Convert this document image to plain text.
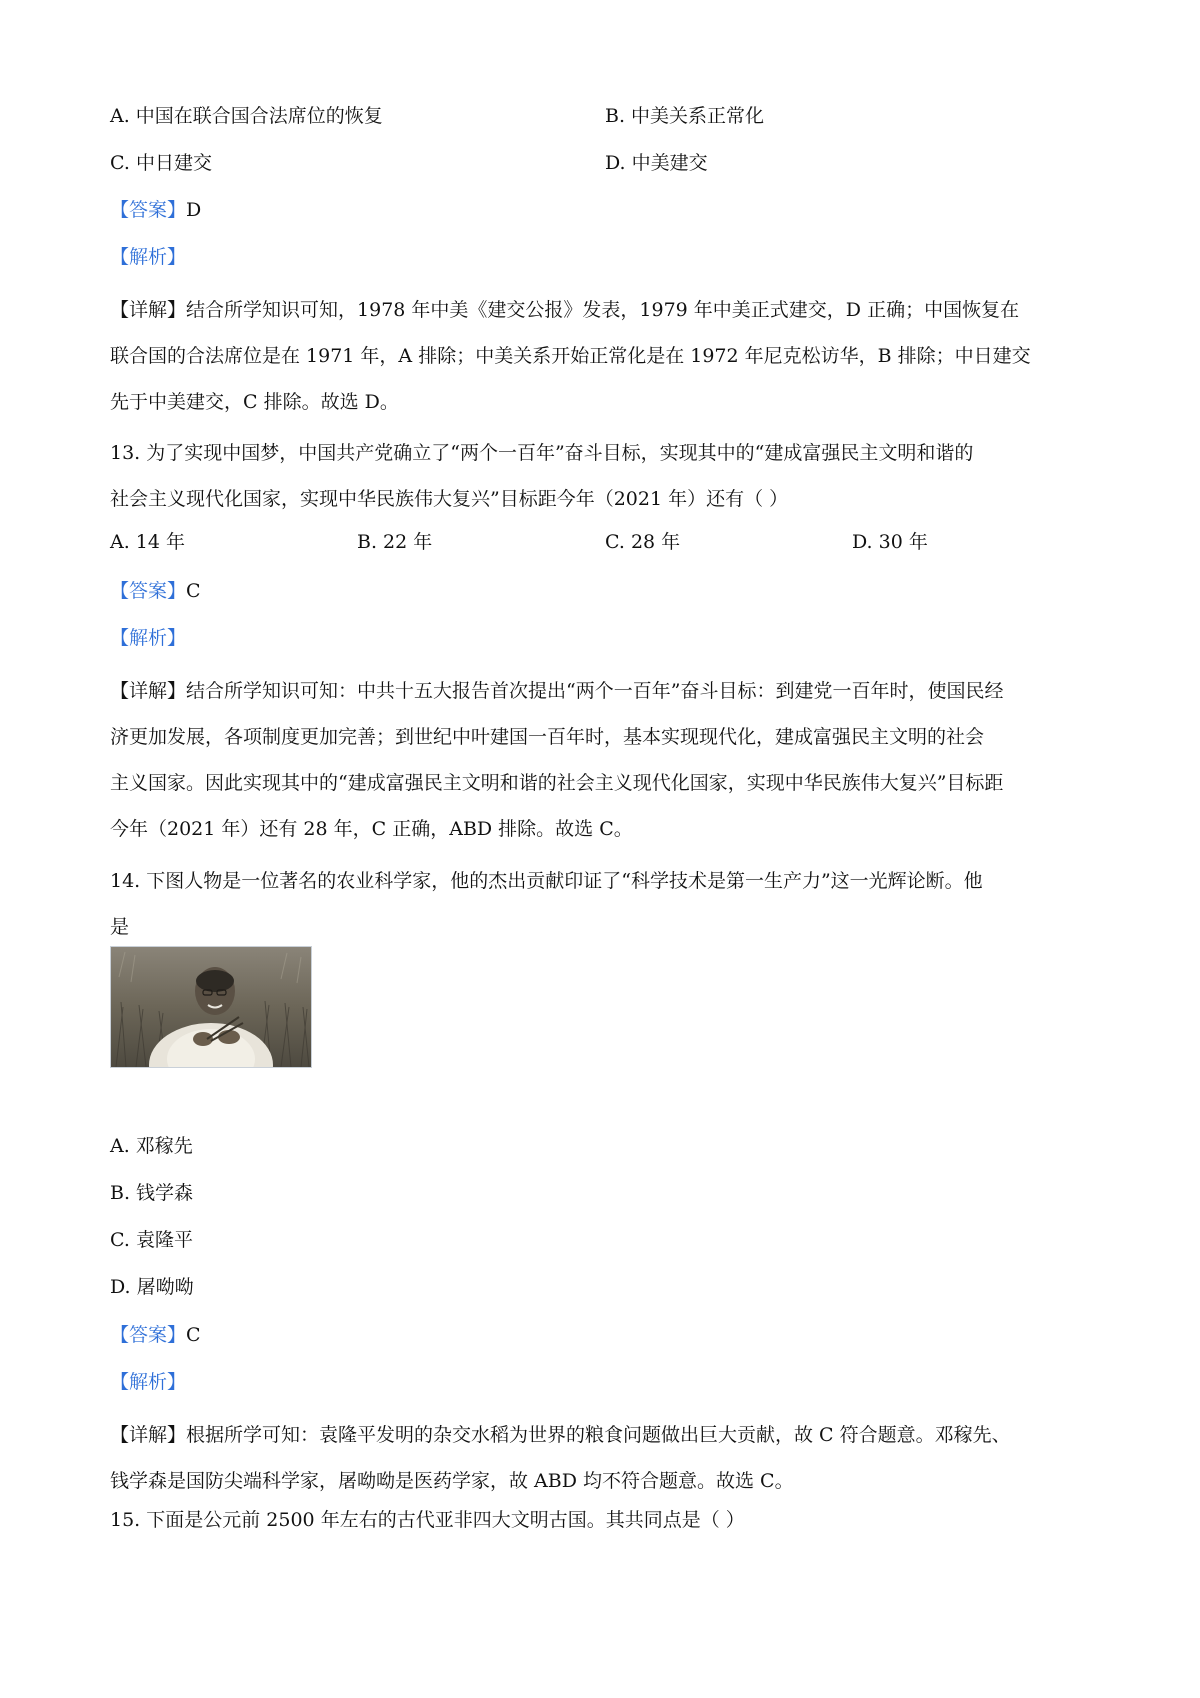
A. 中国在联合国合法席位的恢复	B. 中美关系正常化
C. 中日建交	D. 中美建交
【答案】D
【解析】

【详解】结合所学知识可知，1978 年中美《建交公报》发表，1979 年中美正式建交，D 正确；中国恢复在

联合国的合法席位是在 1971 年，A 排除；中美关系开始正常化是在 1972 年尼克松访华，B 排除；中日建交

先于中美建交，C 排除。故选 D。

13. 为了实现中国梦，中国共产党确立了“两个一百年”奋斗目标，实现其中的“建成富强民主文明和谐的

社会主义现代化国家，实现中华民族伟大复兴”目标距今年（2021 年）还有（ ）

A. 14 年	B. 22 年	C. 28 年	D. 30 年
【答案】C
【解析】

【详解】结合所学知识可知：中共十五大报告首次提出“两个一百年”奋斗目标：到建党一百年时，使国民经

济更加发展，各项制度更加完善；到世纪中叶建国一百年时，基本实现现代化，建成富强民主文明的社会

主义国家。因此实现其中的“建成富强民主文明和谐的社会主义现代化国家，实现中华民族伟大复兴”目标距

今年（2021 年）还有 28 年，C 正确，ABD 排除。故选 C。

14. 下图人物是一位著名的农业科学家，他的杰出贡献印证了“科学技术是第一生产力”这一光辉论断。他

是

A. 邓稼先
B. 钱学森
C. 袁隆平
D. 屠呦呦
【答案】C
【解析】

【详解】根据所学可知：袁隆平发明的杂交水稻为世界的粮食问题做出巨大贡献，故 C 符合题意。邓稼先、

钱学森是国防尖端科学家，屠呦呦是医药学家，故 ABD 均不符合题意。故选 C。

15. 下面是公元前 2500 年左右的古代亚非四大文明古国。其共同点是（ ）
